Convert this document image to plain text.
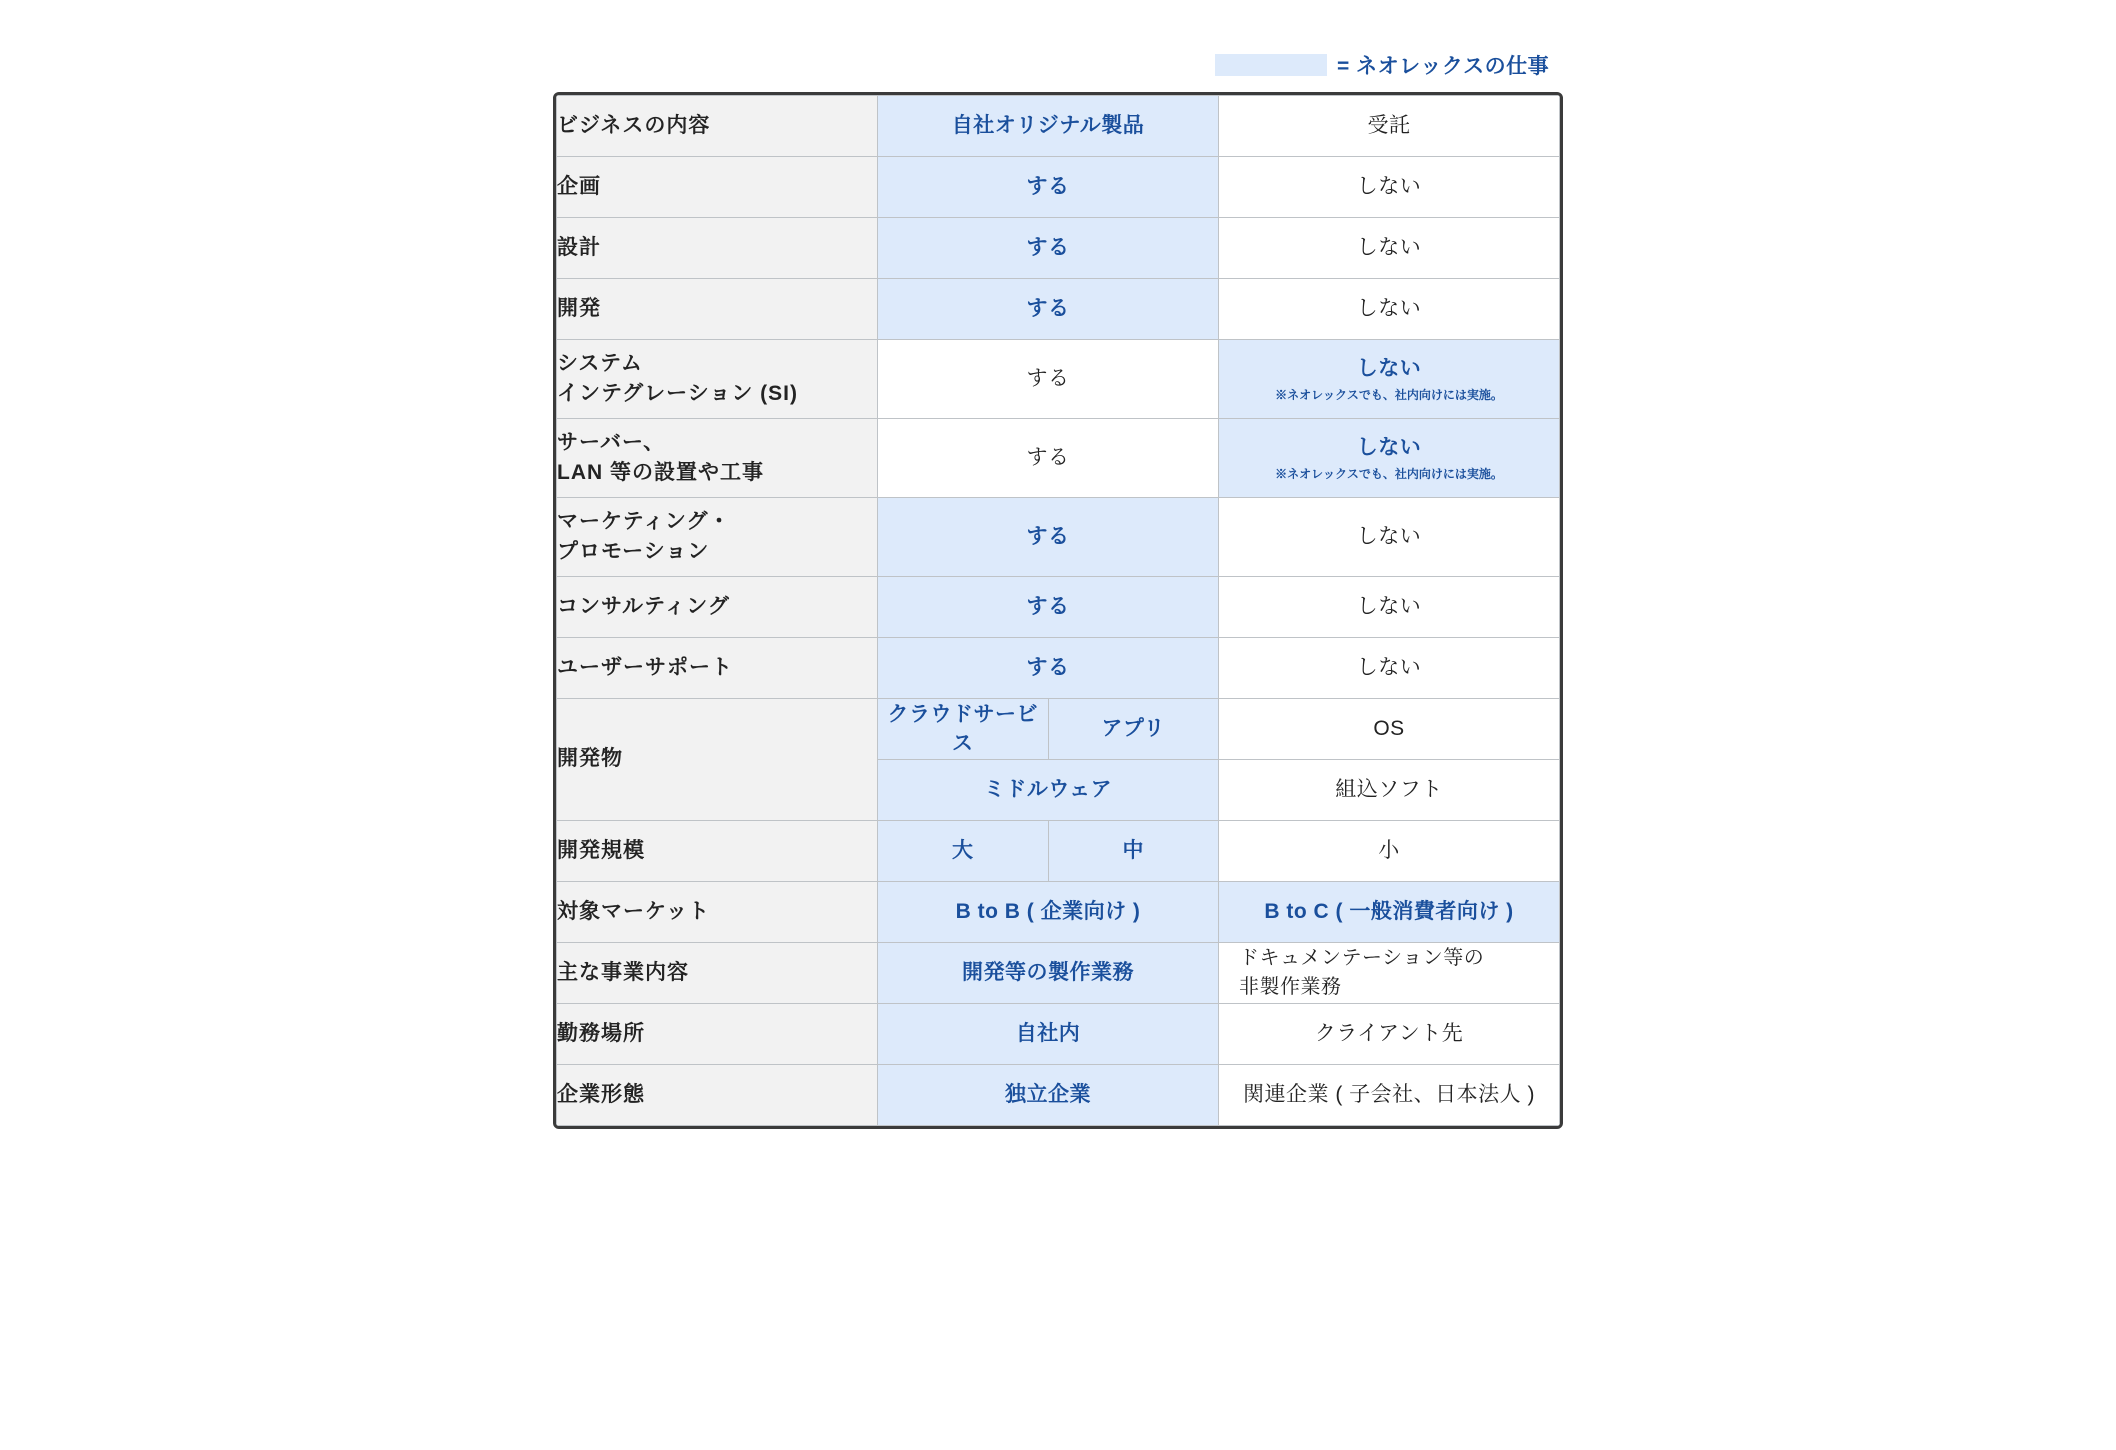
= ネオレックスの仕事
ビジネスの内容	自社オリジナル製品		受託
企画	する		しない
設計	する		しない
開発	する		しない
システム
インテグレーション (SI)	する		しない
※ネオレックスでも、社内向けには実施。

サーバー、
LAN 等の設置や工事	する		しない
※ネオレックスでも、社内向けには実施。

マーケティング・
プロモーション	する		しない
コンサルティング	する		しない
ユーザーサポート	する		しない
開発物	クラウドサービス	アプリ	OS
	ミドルウェア		組込ソフト
開発規模	大	中	小
対象マーケット	B to B ( 企業向け )		B to C ( 一般消費者向け )
主な事業内容	開発等の製作業務		ドキュメンテーション等の
非製作業務
勤務場所	自社内		クライアント先
企業形態	独立企業		関連企業 ( 子会社、日本法人 )
